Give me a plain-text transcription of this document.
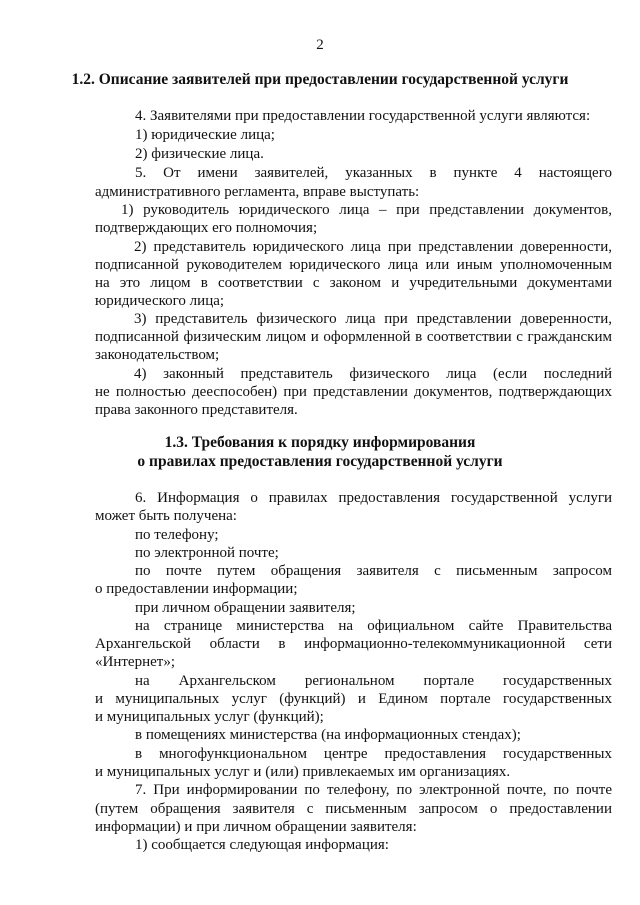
2
1.2. Описание заявителей при предоставлении государственной услуги
4. Заявителями при предоставлении государственной услуги являются:
1) юридические лица;
2) физические лица.
5. От имени заявителей, указанных в пункте 4 настоящего
административного регламента, вправе выступать:
1) руководитель юридического лица – при представлении документов,
подтверждающих его полномочия;
2) представитель юридического лица при представлении доверенности,
подписанной руководителем юридического лица или иным уполномоченным
на это лицом в соответствии с законом и учредительными документами
юридического лица;
3) представитель физического лица при представлении доверенности,
подписанной физическим лицом и оформленной в соответствии с гражданским
законодательством;
4) законный представитель физического лица (если последний
не полностью дееспособен) при представлении документов, подтверждающих
права законного представителя.
1.3. Требования к порядку информирования
о правилах предоставления государственной услуги
6. Информация о правилах предоставления государственной услуги
может быть получена:
по телефону;
по электронной почте;
по почте путем обращения заявителя с письменным запросом
о предоставлении информации;
при личном обращении заявителя;
на странице министерства на официальном сайте Правительства
Архангельской области в информационно-телекоммуникационной сети
«Интернет»;
на Архангельском региональном портале государственных
и муниципальных услуг (функций) и Едином портале государственных
и муниципальных услуг (функций);
в помещениях министерства (на информационных стендах);
в многофункциональном центре предоставления государственных
и муниципальных услуг и (или) привлекаемых им организациях.
7. При информировании по телефону, по электронной почте, по почте
(путем обращения заявителя с письменным запросом о предоставлении
информации) и при личном обращении заявителя:
1) сообщается следующая информация:
